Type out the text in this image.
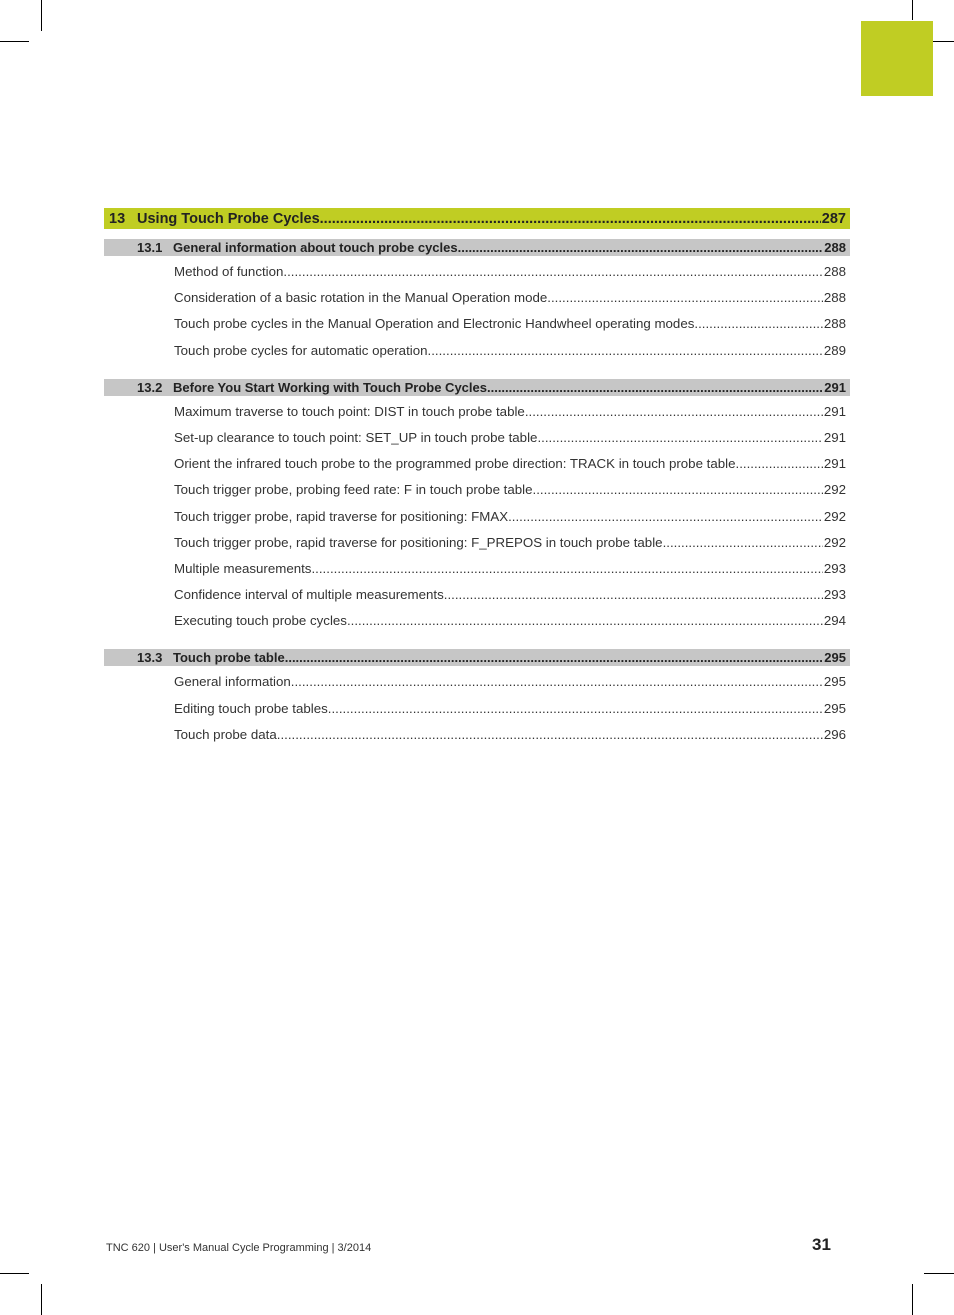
13 Using Touch Probe Cycles .....	287
13.1 General information about touch probe cycles .....	288
Method of function .....	288
Consideration of a basic rotation in the Manual Operation mode .....	288
Touch probe cycles in the Manual Operation and Electronic Handwheel operating modes .....	288
Touch probe cycles for automatic operation .....	289
13.2 Before You Start Working with Touch Probe Cycles .....	291
Maximum traverse to touch point: DIST in touch probe table .....	291
Set-up clearance to touch point: SET_UP in touch probe table .....	291
Orient the infrared touch probe to the programmed probe direction: TRACK in touch probe table .....	291
Touch trigger probe, probing feed rate: F in touch probe table .....	292
Touch trigger probe, rapid traverse for positioning: FMAX .....	292
Touch trigger probe, rapid traverse for positioning: F_PREPOS in touch probe table .....	292
Multiple measurements .....	293
Confidence interval of multiple measurements .....	293
Executing touch probe cycles .....	294
13.3 Touch probe table .....	295
General information .....	295
Editing touch probe tables .....	295
Touch probe data .....	296
TNC 620 | User's Manual Cycle Programming | 3/2014	31
